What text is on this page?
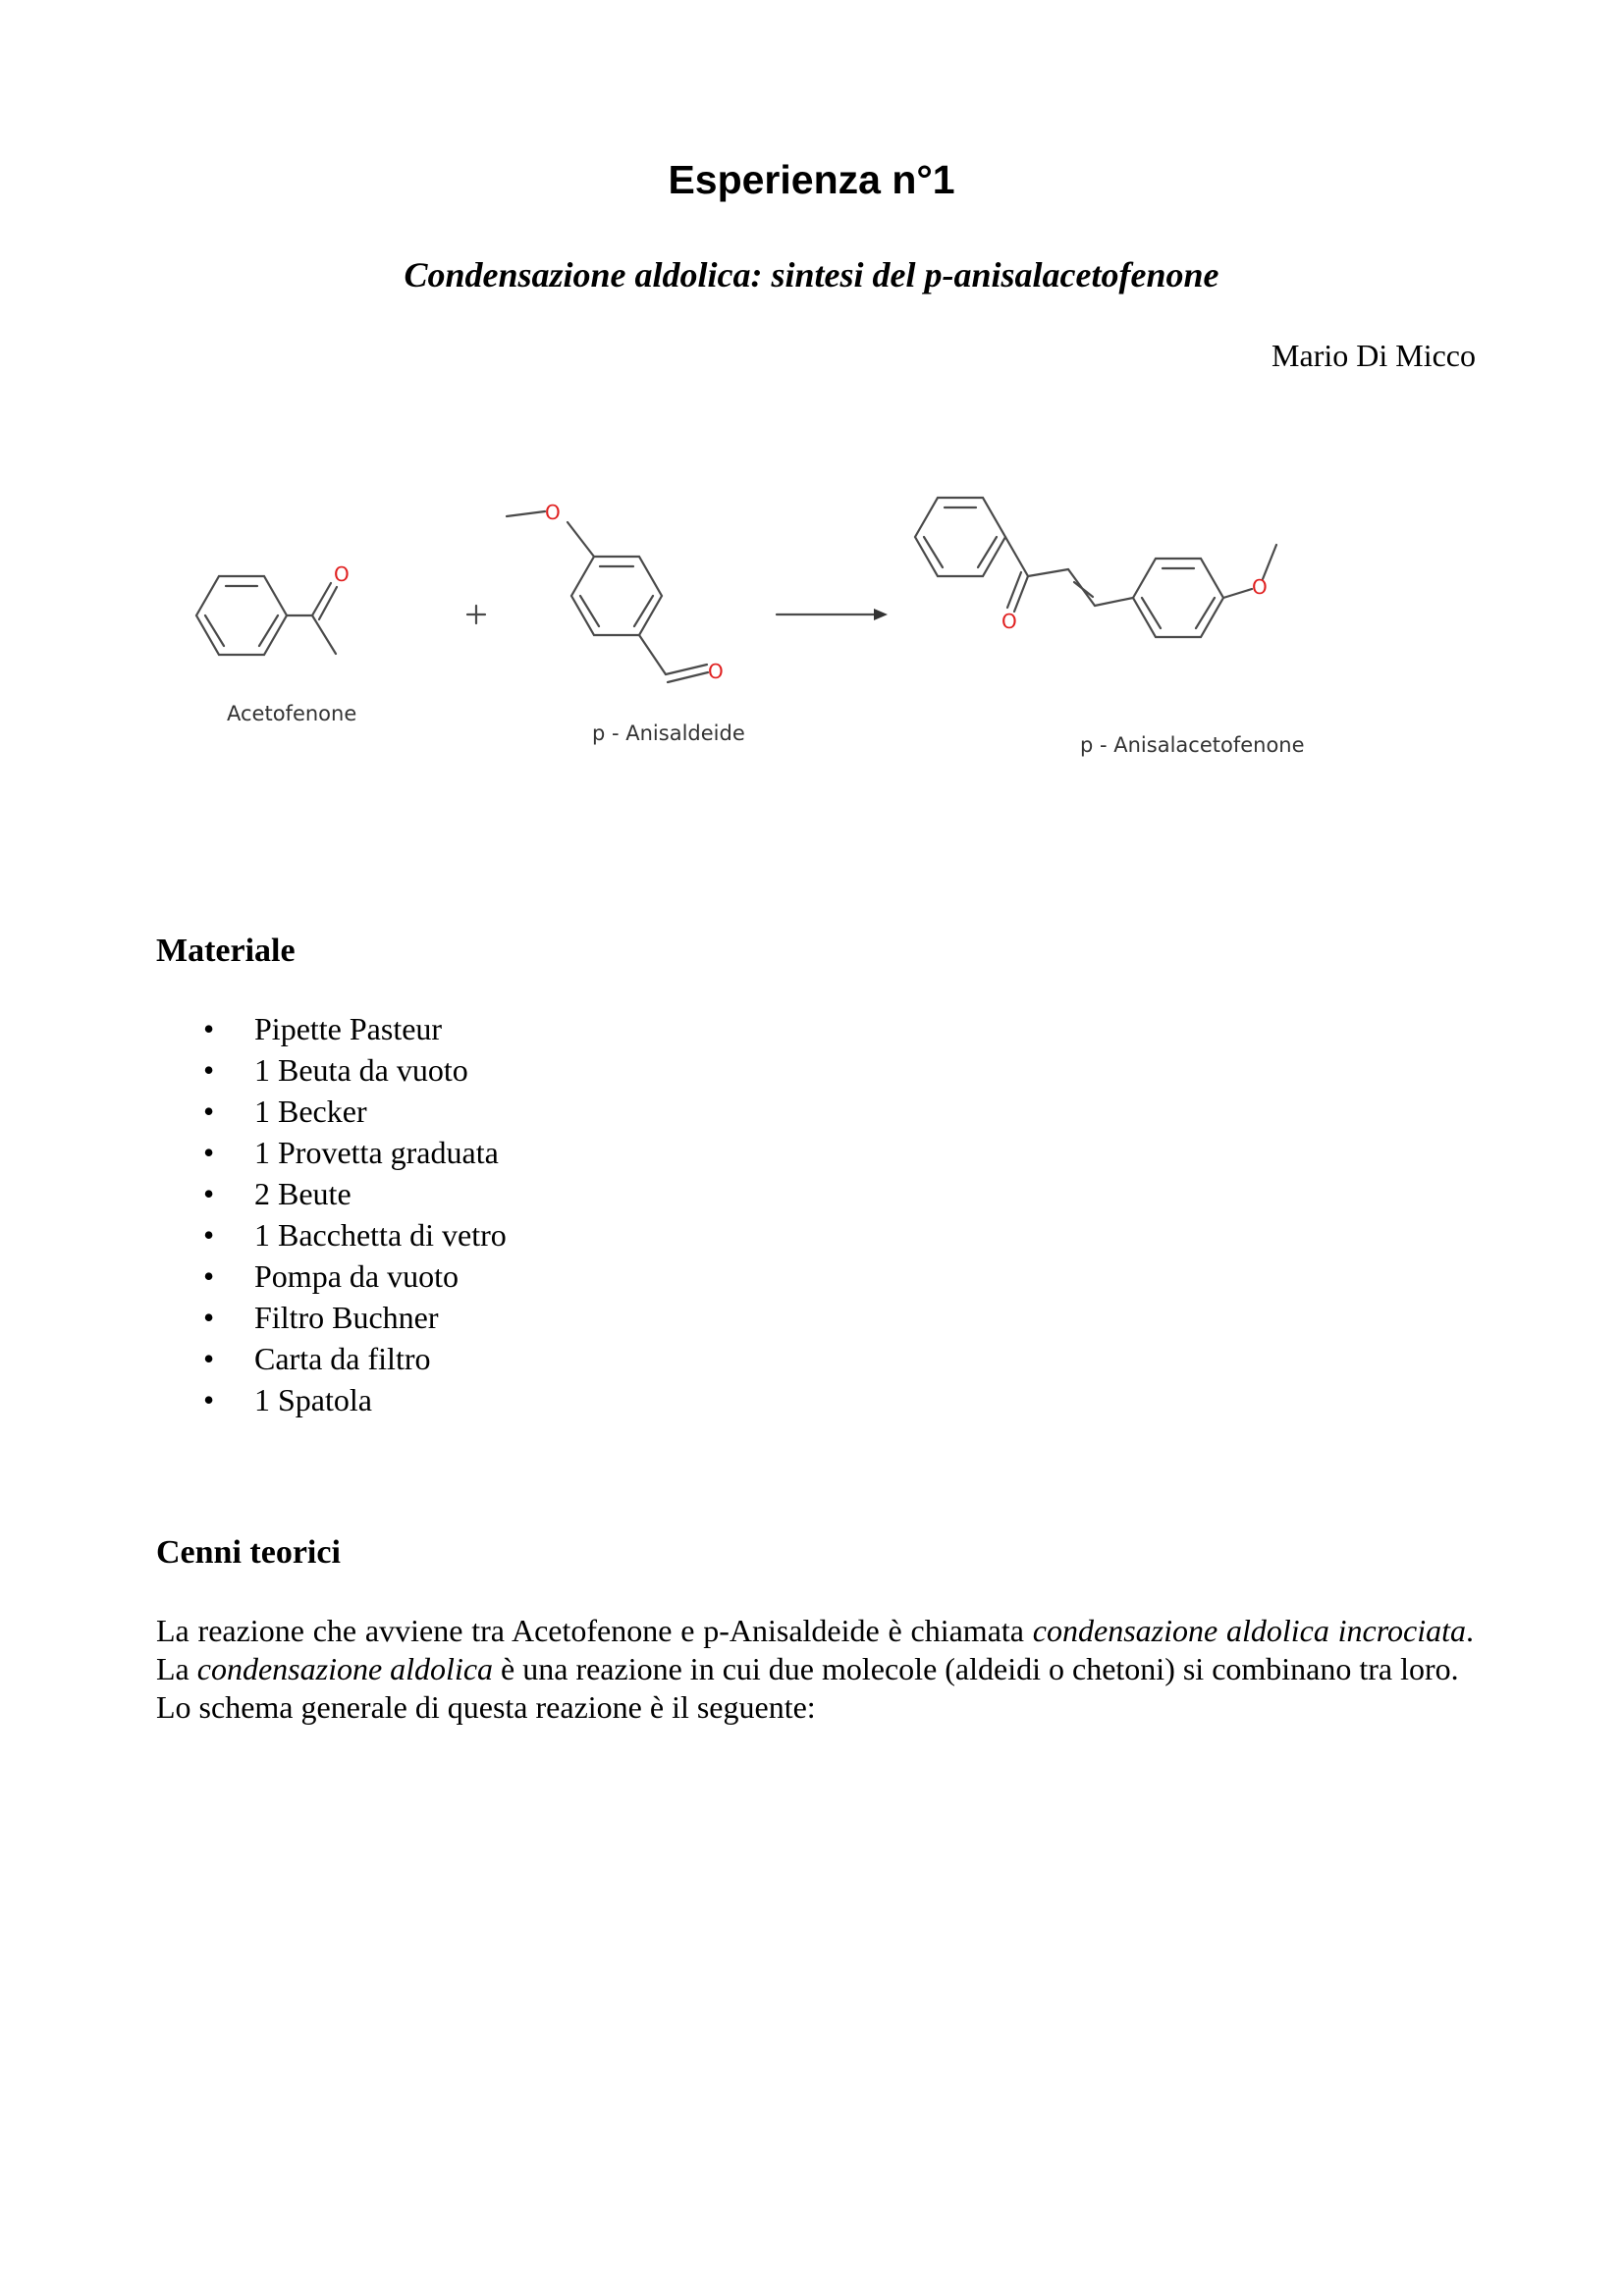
Esperienza n°1
Condensazione aldolica: sintesi del p-anisalacetofenone
Mario Di Micco
O
O
O
O
O
Acetofenone
p - Anisaldeide	p - Anisalacetofenone
Materiale
• Pipette Pasteur
• 1 Beuta da vuoto
• 1 Becker
• 1 Provetta graduata
• 2 Beute
• 1 Bacchetta di vetro
• Pompa da vuoto
• Filtro Buchner
• Carta da filtro
• 1 Spatola
Cenni teorici

La reazione che avviene tra Acetofenone e p-Anisaldeide è chiamata condensazione aldolica incrociata. La condensazione aldolica è una reazione in cui due molecole (aldeidi o chetoni) si combinano tra loro.

Lo schema generale di questa reazione è il seguente:
